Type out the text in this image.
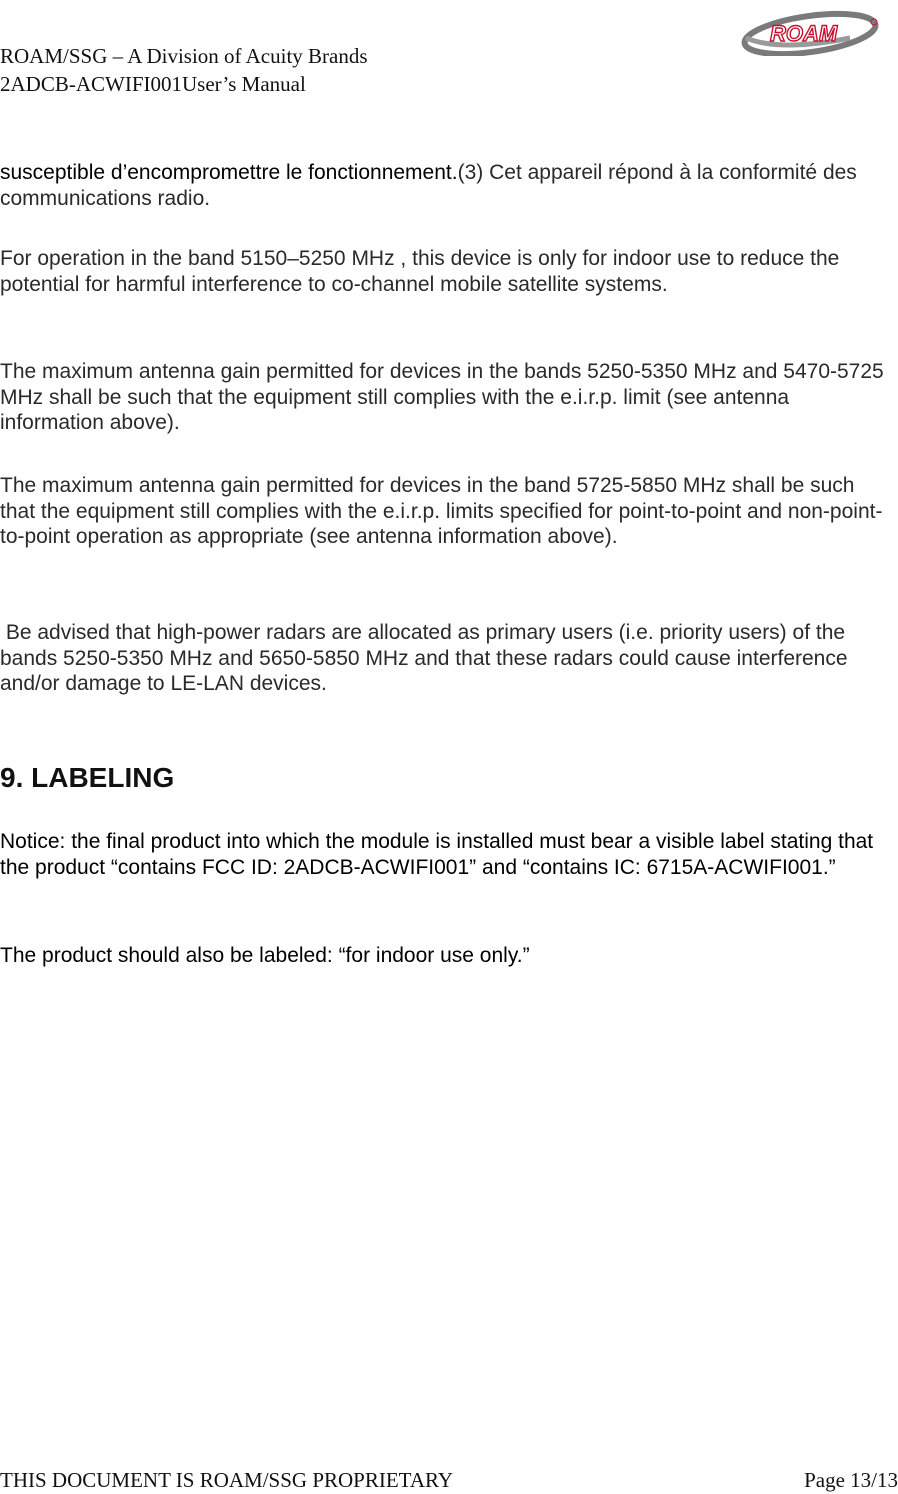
ROAM/SSG – A Division of Acuity Brands
2ADCB-ACWIFI001User’s Manual
ROAM

susceptible d’encompromettre le fonctionnement.(3) Cet appareil répond à la conformité des communications radio.

For operation in the band 5150–5250 MHz , this device is only for indoor use to reduce the potential for harmful interference to co-channel mobile satellite systems.

The maximum antenna gain permitted for devices in the bands 5250-5350 MHz and 5470-5725 MHz shall be such that the equipment still complies with the e.i.r.p. limit (see antenna information above).

The maximum antenna gain permitted for devices in the band 5725-5850 MHz shall be such that the equipment still complies with the e.i.r.p. limits specified for point-to-point and non-point-to-point operation as appropriate (see antenna information above).

Be advised that high-power radars are allocated as primary users (i.e. priority users) of the bands 5250-5350 MHz and 5650-5850 MHz and that these radars could cause interference and/or damage to LE-LAN devices.

9. LABELING

Notice: the final product into which the module is installed must bear a visible label stating that the product “contains FCC ID: 2ADCB-ACWIFI001” and “contains IC: 6715A-ACWIFI001.”

The product should also be labeled: “for indoor use only.”

THIS DOCUMENT IS ROAM/SSG PROPRIETARY	Page 13/13
